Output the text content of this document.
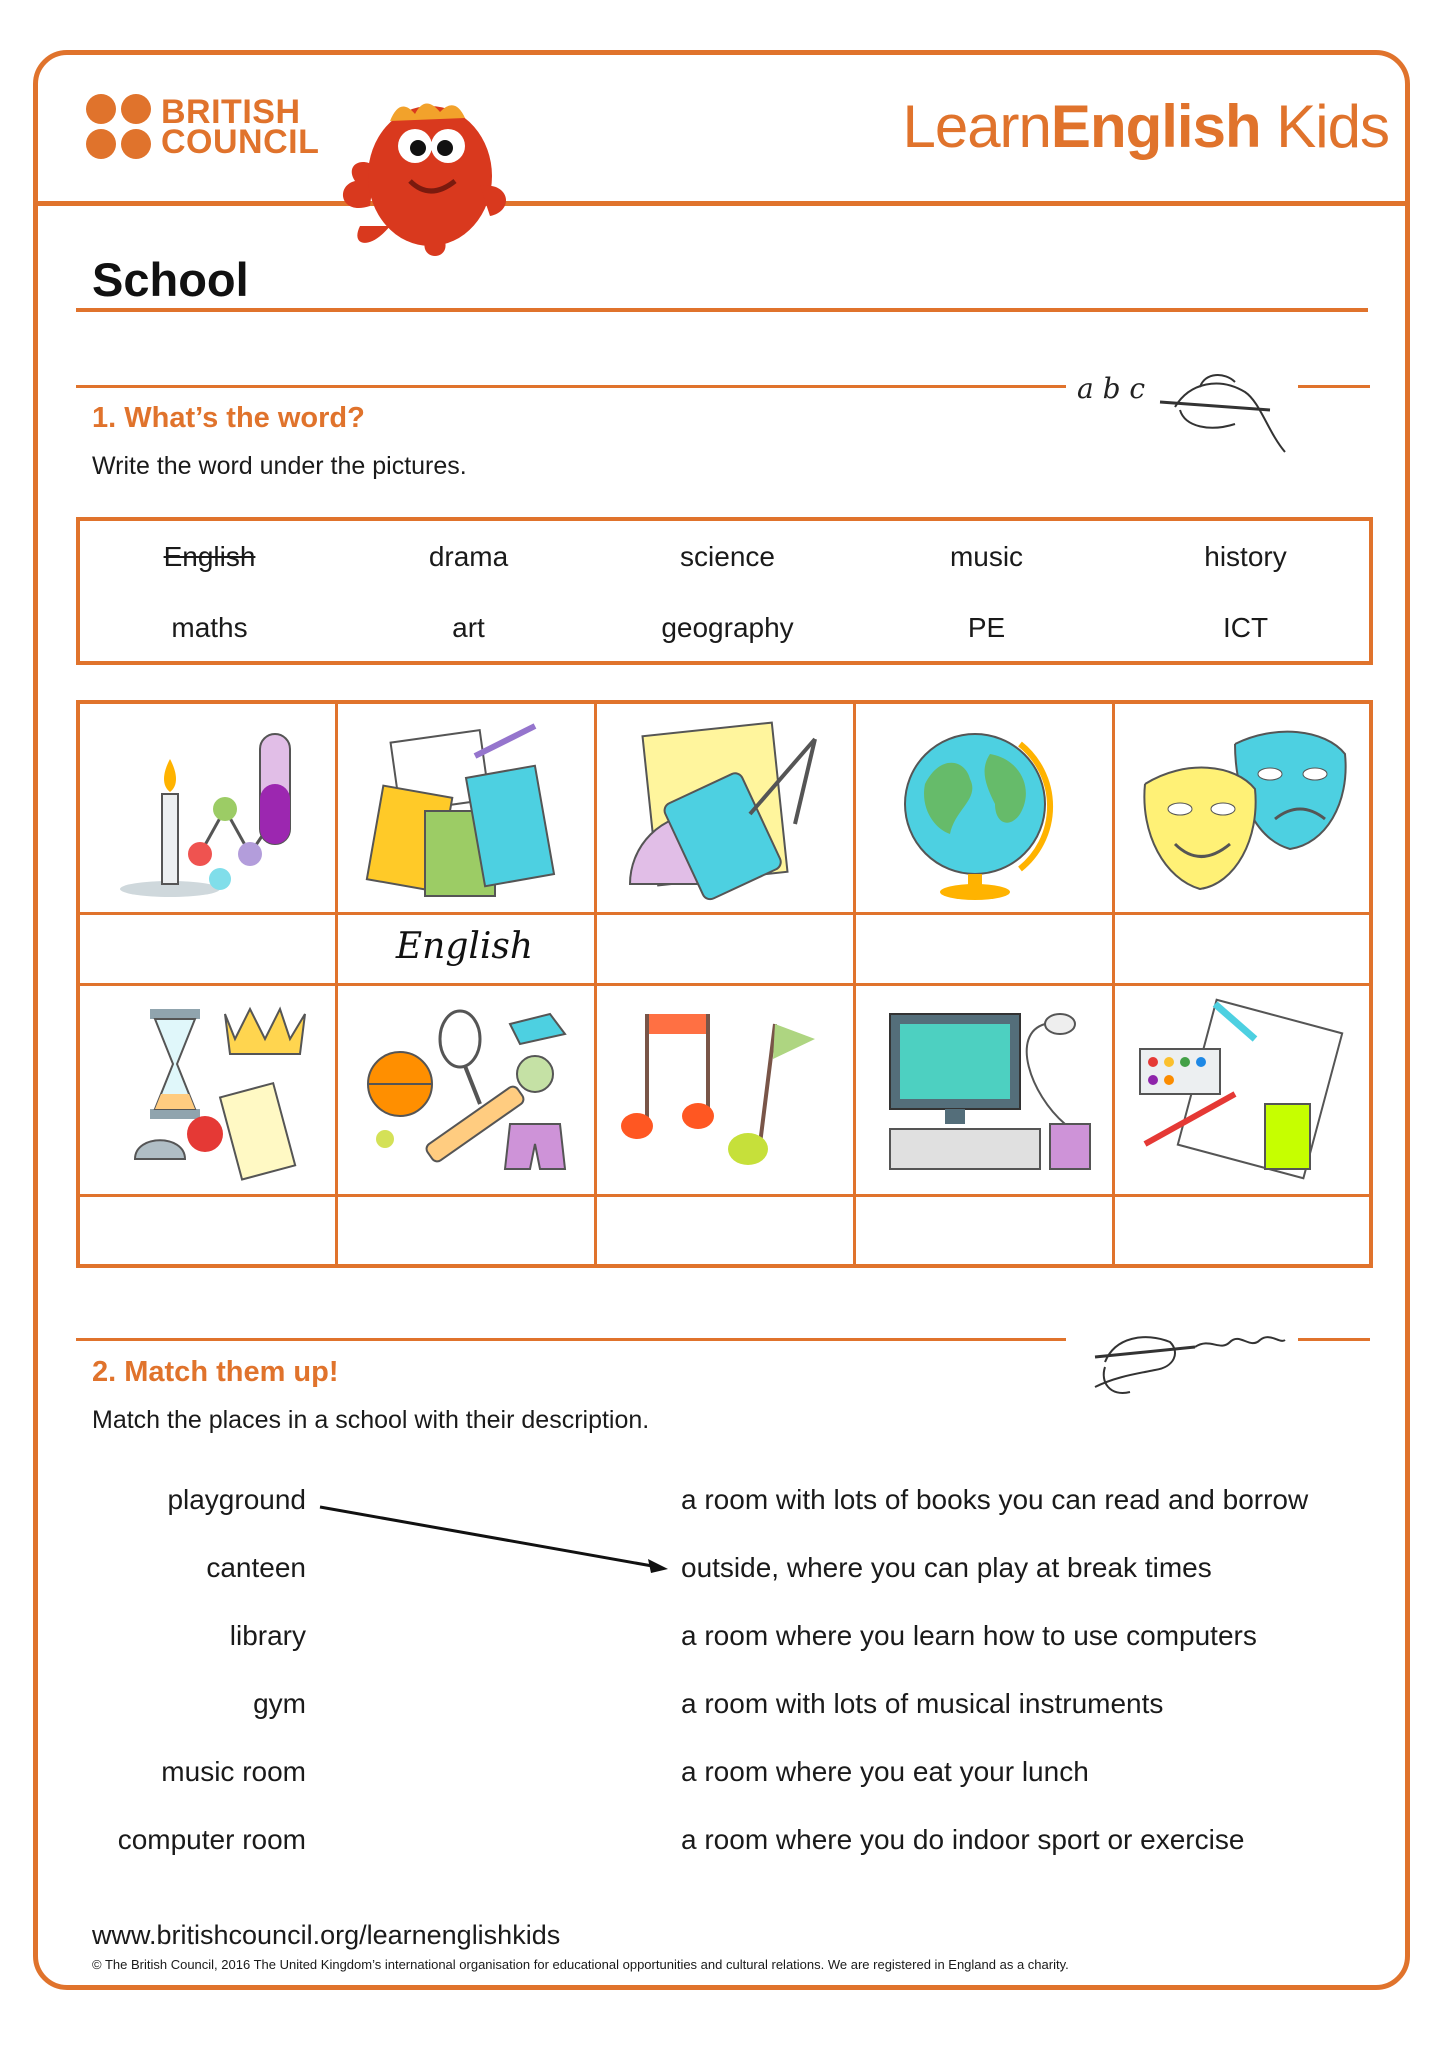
BRITISH
COUNCIL	LearnEnglish Kids
School
a b c
1. What’s the word?
Write the word under the pictures.
English	drama	science	music	history
maths	art	geography	PE	ICT
English
2. Match them up!
Match the places in a school with their description.
playground
canteen
library
gym
music room
computer room
a room with lots of books you can read and borrow
outside, where you can play at break times
a room where you learn how to use computers
a room with lots of musical instruments
a room where you eat your lunch
a room where you do indoor sport or exercise
www.britishcouncil.org/learnenglishkids
© The British Council, 2016 The United Kingdom’s international organisation for educational opportunities and cultural relations. We are registered in England as a charity.
